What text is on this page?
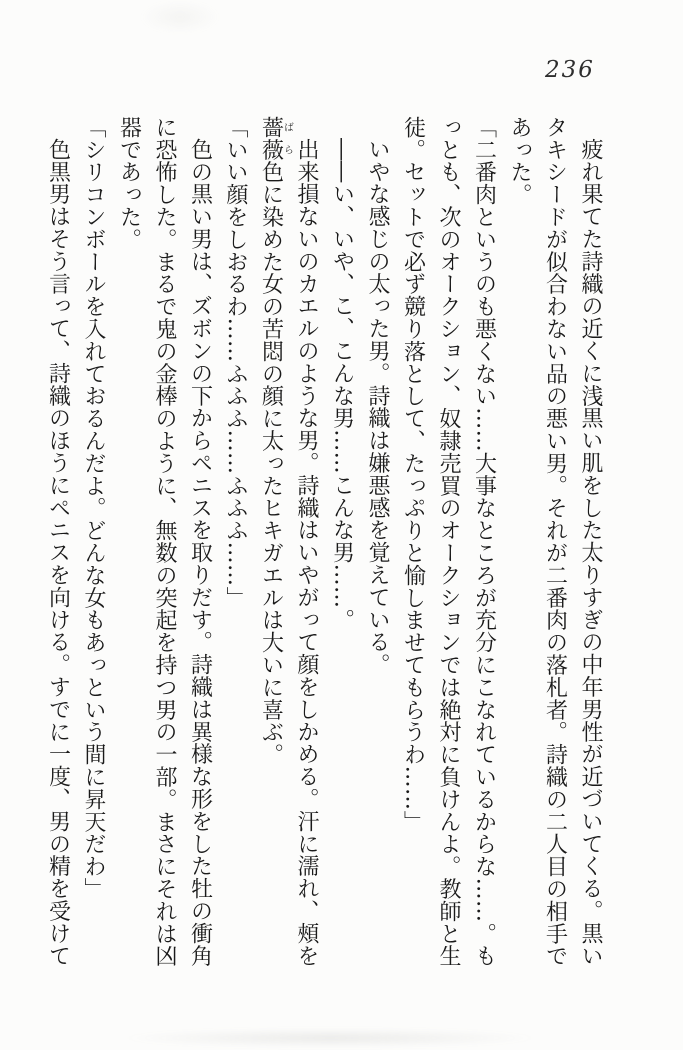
236

疲れ果てた詩織の近くに浅黒い肌をした太りすぎの中年男性が近づいてくる。黒いタキシードが似合わない品の悪い男。それが二番肉の落札者。詩織の二人目の相手であった。

「二番肉というのも悪くない……大事なところが充分にこなれているからな……。もっとも、次のオークション、奴隷売買のオークションでは絶対に負けんよ。教師と生徒。セットで必ず競り落として、たっぷりと愉しませてもらうわ……」

いやな感じの太った男。詩織は嫌悪感を覚えている。

――い、いや、こ、こんな男……こんな男……。

出来損ないのカエルのような男。詩織はいやがって顔をしかめる。汗に濡れ、頰を薔薇ばら色に染めた女の苦悶の顔に太ったヒキガエルは大いに喜ぶ。

「いい顔をしおるわ……ふふふ……ふふふ……」

色の黒い男は、ズボンの下からペニスを取りだす。詩織は異様な形をした牡の衝角に恐怖した。まるで鬼の金棒のように、無数の突起を持つ男の一部。まさにそれは凶器であった。

「シリコンボールを入れておるんだよ。どんな女もあっという間に昇天だわ」

色黒男はそう言って、詩織のほうにペニスを向ける。すでに一度、男の精を受けて
